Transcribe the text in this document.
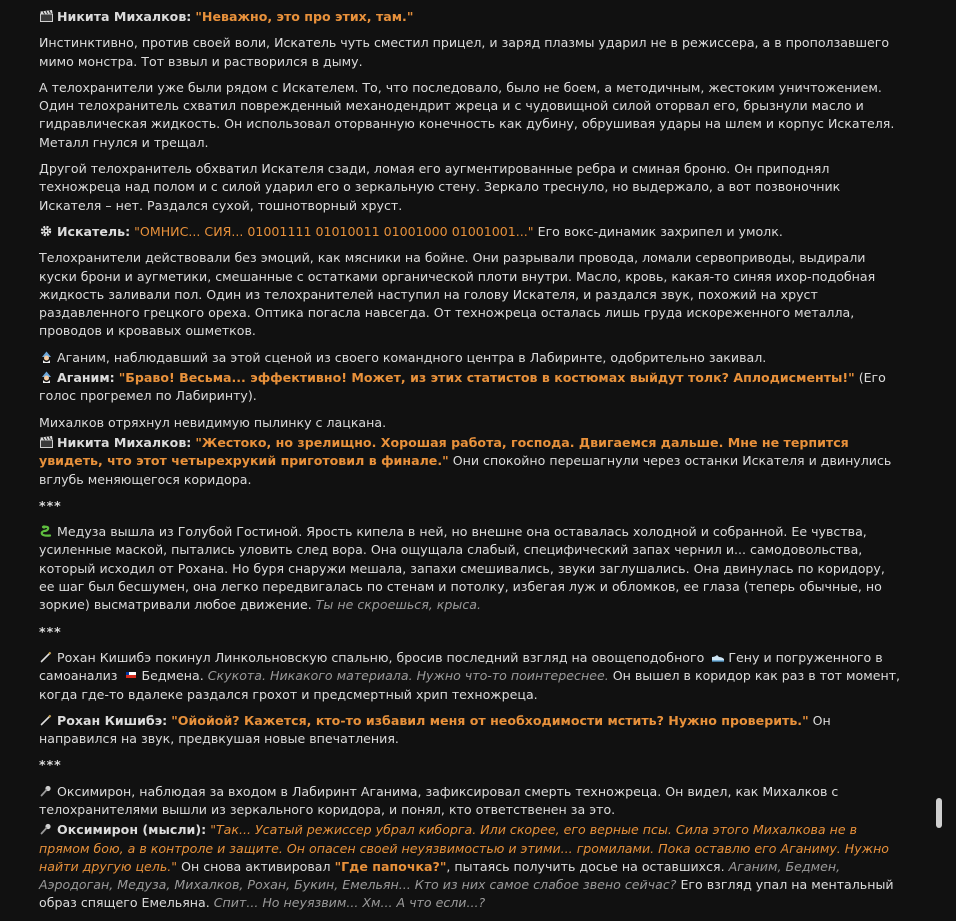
Никита Михалков: "Неважно, это про этих, там."

Инстинктивно, против своей воли, Искатель чуть сместил прицел, и заряд плазмы ударил не в режиссера, а в проползавшего мимо монстра. Тот взвыл и растворился в дыму.

А телохранители уже были рядом с Искателем. То, что последовало, было не боем, а методичным, жестоким уничтожением. Один телохранитель схватил поврежденный механодендрит жреца и с чудовищной силой оторвал его, брызнули масло и гидравлическая жидкость. Он использовал оторванную конечность как дубину, обрушивая удары на шлем и корпус Искателя. Металл гнулся и трещал.

Другой телохранитель обхватил Искателя сзади, ломая его аугментированные ребра и сминая броню. Он приподнял техножреца над полом и с силой ударил его о зеркальную стену. Зеркало треснуло, но выдержало, а вот позвоночник Искателя – нет. Раздался сухой, тошнотворный хруст.

Искатель: "ОМНИС... СИЯ... 01001111 01010011 01001000 01001001..." Его вокс-динамик захрипел и умолк.

Телохранители действовали без эмоций, как мясники на бойне. Они разрывали провода, ломали сервоприводы, выдирали куски брони и аугметики, смешанные с остатками органической плоти внутри. Масло, кровь, какая-то синяя ихор-подобная жидкость заливали пол. Один из телохранителей наступил на голову Искателя, и раздался звук, похожий на хруст раздавленного грецкого ореха. Оптика погасла навсегда. От техножреца осталась лишь груда искореженного металла, проводов и кровавых ошметков.

Аганим, наблюдавший за этой сценой из своего командного центра в Лабиринте, одобрительно закивал.

Аганим: "Браво! Весьма... эффективно! Может, из этих статистов в костюмах выйдут толк? Аплодисменты!" (Его голос прогремел по Лабиринту).

Михалков отряхнул невидимую пылинку с лацкана.

Никита Михалков: "Жестоко, но зрелищно. Хорошая работа, господа. Двигаемся дальше. Мне не терпится увидеть, что этот четырехрукий приготовил в финале." Они спокойно перешагнули через останки Искателя и двинулись вглубь меняющегося коридора.

***

Медуза вышла из Голубой Гостиной. Ярость кипела в ней, но внешне она оставалась холодной и собранной. Ее чувства, усиленные маской, пытались уловить след вора. Она ощущала слабый, специфический запах чернил и... самодовольства, который исходил от Рохана. Но буря снаружи мешала, запахи смешивались, звуки заглушались. Она двинулась по коридору, ее шаг был бесшумен, она легко передвигалась по стенам и потолку, избегая луж и обломков, ее глаза (теперь обычные, но зоркие) высматривали любое движение. Ты не скроешься, крыса.

***

Рохан Кишибэ покинул Линкольновскую спальню, бросив последний взгляд на овощеподобного Гену и погруженного в самоанализ Бедмена. Скукота. Никакого материала. Нужно что-то поинтереснее. Он вышел в коридор как раз в тот момент, когда где-то вдалеке раздался грохот и предсмертный хрип техножреца.

Рохан Кишибэ: "Ойойой? Кажется, кто-то избавил меня от необходимости мстить? Нужно проверить." Он направился на звук, предвкушая новые впечатления.

***

Оксимирон, наблюдая за входом в Лабиринт Аганима, зафиксировал смерть техножреца. Он видел, как Михалков с телохранителями вышли из зеркального коридора, и понял, кто ответственен за это.

Оксимирон (мысли): "Так... Усатый режиссер убрал киборга. Или скорее, его верные псы. Сила этого Михалкова не в прямом бою, а в контроле и защите. Он опасен своей неуязвимостью и этими... громилами. Пока оставлю его Аганиму. Нужно найти другую цель." Он снова активировал "Где папочка?", пытаясь получить досье на оставшихся. Аганим, Бедмен, Аэродоган, Медуза, Михалков, Рохан, Букин, Емельян... Кто из них самое слабое звено сейчас? Его взгляд упал на ментальный образ спящего Емельяна. Спит... Но неуязвим... Хм... А что если...?
